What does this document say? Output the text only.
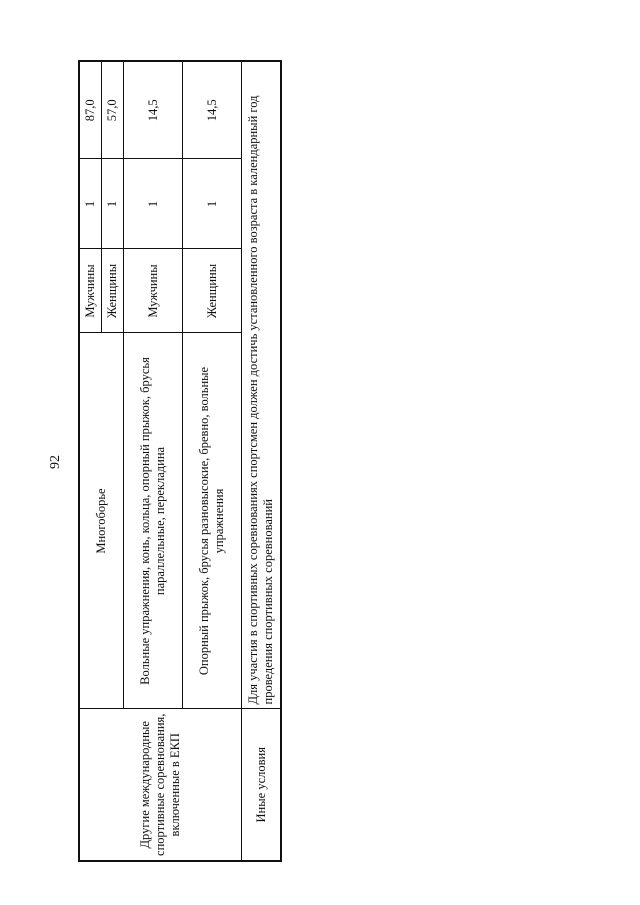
92
Другие международные спортивные соревнования, включенные в ЕКП	Многоборье	Мужчины	1	87,0
		Женщины	1	57,0
	Вольные упражнения, конь, кольца, опорный прыжок, брусья параллельные, перекладина	Мужчины	1	14,5
	Опорный прыжок, брусья разновысокие, бревно, вольные упражнения	Женщины	1	14,5
Иные условия	Для участия в спортивных соревнованиях спортсмен должен достичь установленного возраста в календарный год проведения спортивных соревнований			
